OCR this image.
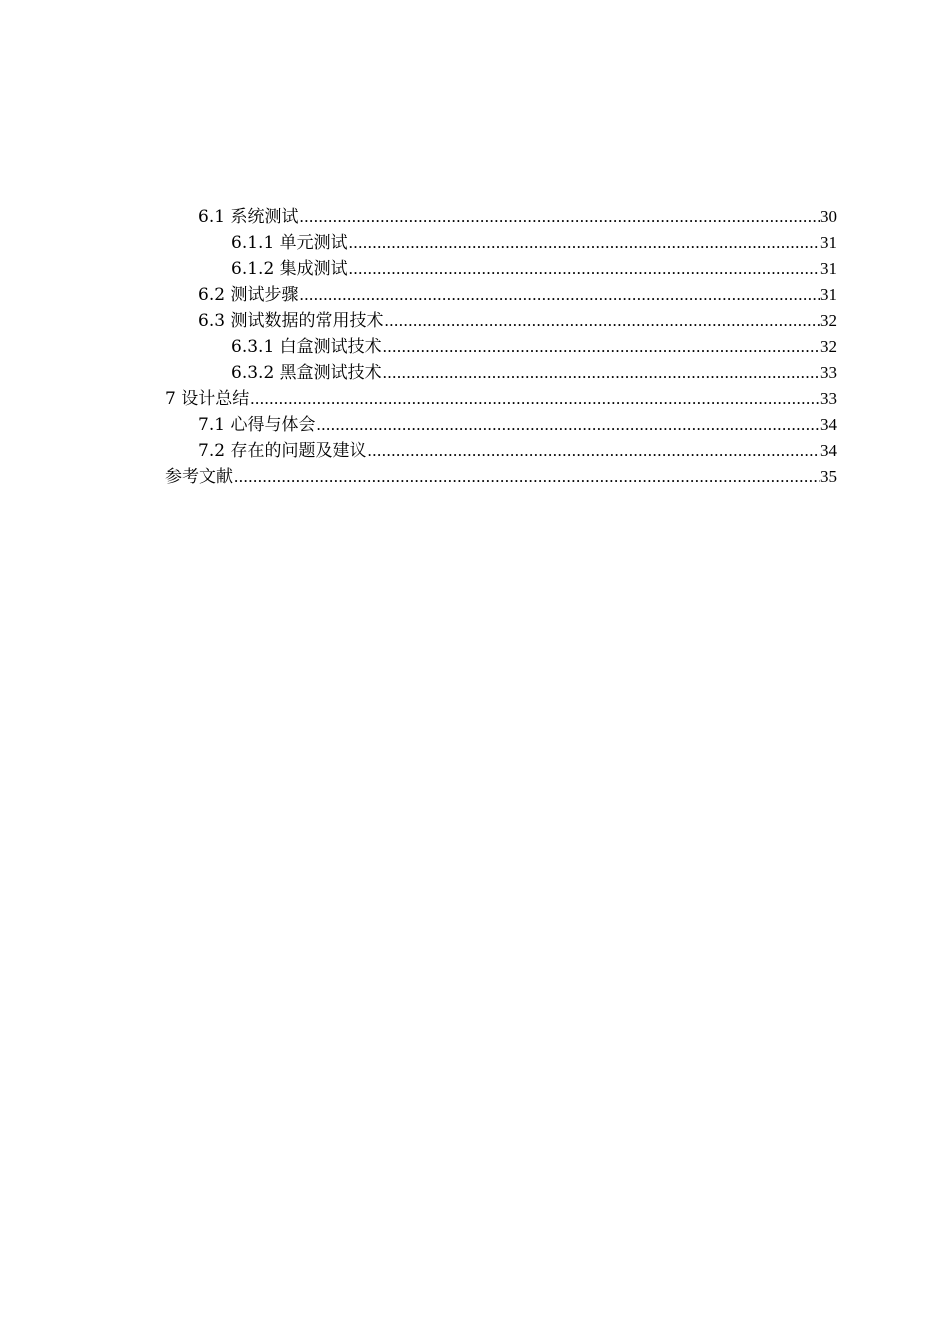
6.1 系统测试 .....	30
6.1.1 单元测试 .....	31
6.1.2 集成测试 .....	31
6.2 测试步骤 .....	31
6.3 测试数据的常用技术 .....	32
6.3.1 白盒测试技术 .....	32
6.3.2 黑盒测试技术 .....	33
7 设计总结 .....	33
7.1 心得与体会 .....	34
7.2 存在的问题及建议 .....	34
参考文献 .....	35
